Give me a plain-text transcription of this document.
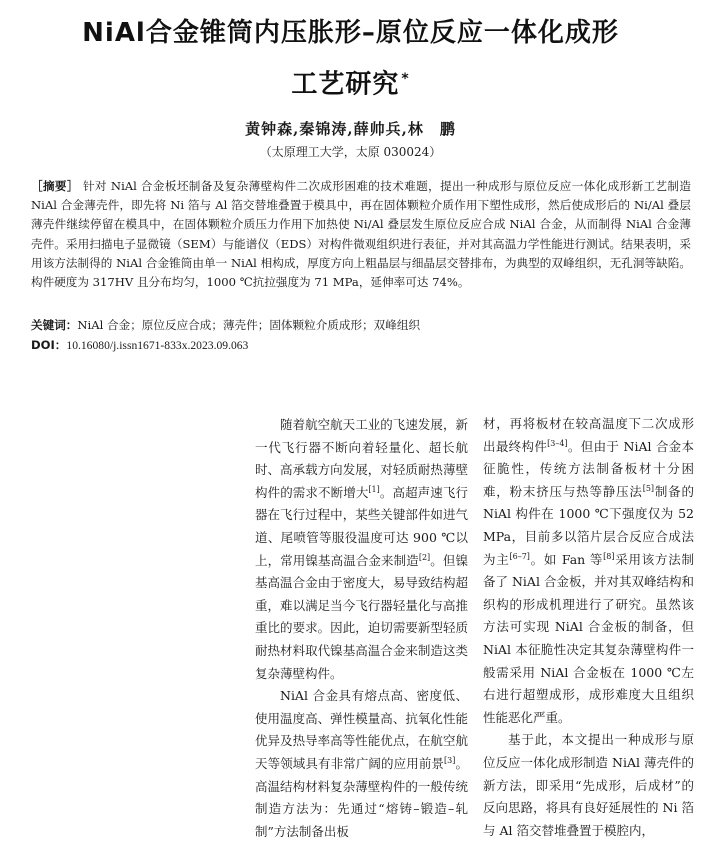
NiAl合金锥筒内压胀形–原位反应一体化成形
工艺研究 *
黄钟森,秦锦涛,薛帅兵,林　鹏
（太原理工大学，太原 030024）
［摘要］ 针对 NiAl 合金板坯制备及复杂薄壁构件二次成形困难的技术难题，提出一种成形与原位反应一体化成形新工艺制造 NiAl 合金薄壳件，即先将 Ni 箔与 Al 箔交替堆叠置于模具中，再在固体颗粒介质作用下塑性成形，然后使成形后的 Ni/Al 叠层薄壳件继续停留在模具中，在固体颗粒介质压力作用下加热使 Ni/Al 叠层发生原位反应合成 NiAl 合金，从而制得 NiAl 合金薄壳件。采用扫描电子显微镜（SEM）与能谱仪（EDS）对构件微观组织进行表征，并对其高温力学性能进行测试。结果表明，采用该方法制得的 NiAl 合金锥筒由单一 NiAl 相构成，厚度方向上粗晶层与细晶层交替排布，为典型的双峰组织，无孔洞等缺陷。构件硬度为 317HV 且分布均匀，1000 ℃抗拉强度为 71 MPa，延伸率可达 74%。
关键词：NiAl 合金；原位反应合成；薄壳件；固体颗粒介质成形；双峰组织
DOI：10.16080/j.issn1671-833x.2023.09.063

随着航空航天工业的飞速发展，新一代飞行器不断向着轻量化、超长航时、高承载方向发展，对轻质耐热薄壁构件的需求不断增大[1]。高超声速飞行器在飞行过程中，某些关键部件如进气道、尾喷管等服役温度可达 900 ℃以上，常用镍基高温合金来制造[2]。但镍基高温合金由于密度大，易导致结构超重，难以满足当今飞行器轻量化与高推重比的要求。因此，迫切需要新型轻质耐热材料取代镍基高温合金来制造这类复杂薄壁构件。

NiAl 合金具有熔点高、密度低、使用温度高、弹性模量高、抗氧化性能优异及热导率高等性能优点，在航空航天等领域具有非常广阔的应用前景[3]。高温结构材料复杂薄壁构件的一般传统制造方法为：先通过“熔铸–锻造–轧制”方法制备出板

材，再将板材在较高温度下二次成形出最终构件[3–4]。但由于 NiAl 合金本征脆性，传统方法制备板材十分困难，粉末挤压与热等静压法[5]制备的 NiAl 构件在 1000 ℃下强度仅为 52 MPa，目前多以箔片层合反应合成法为主[6–7]。如 Fan 等[8]采用该方法制备了 NiAl 合金板，并对其双峰结构和织构的形成机理进行了研究。虽然该方法可实现 NiAl 合金板的制备，但 NiAl 本征脆性决定其复杂薄壁构件一般需采用 NiAl 合金板在 1000 ℃左右进行超塑成形，成形难度大且组织性能恶化严重。

基于此，本文提出一种成形与原位反应一体化成形制造 NiAl 薄壳件的新方法，即采用“先成形，后成材”的反向思路，将具有良好延展性的 Ni 箔与 Al 箔交替堆叠置于模腔内，
